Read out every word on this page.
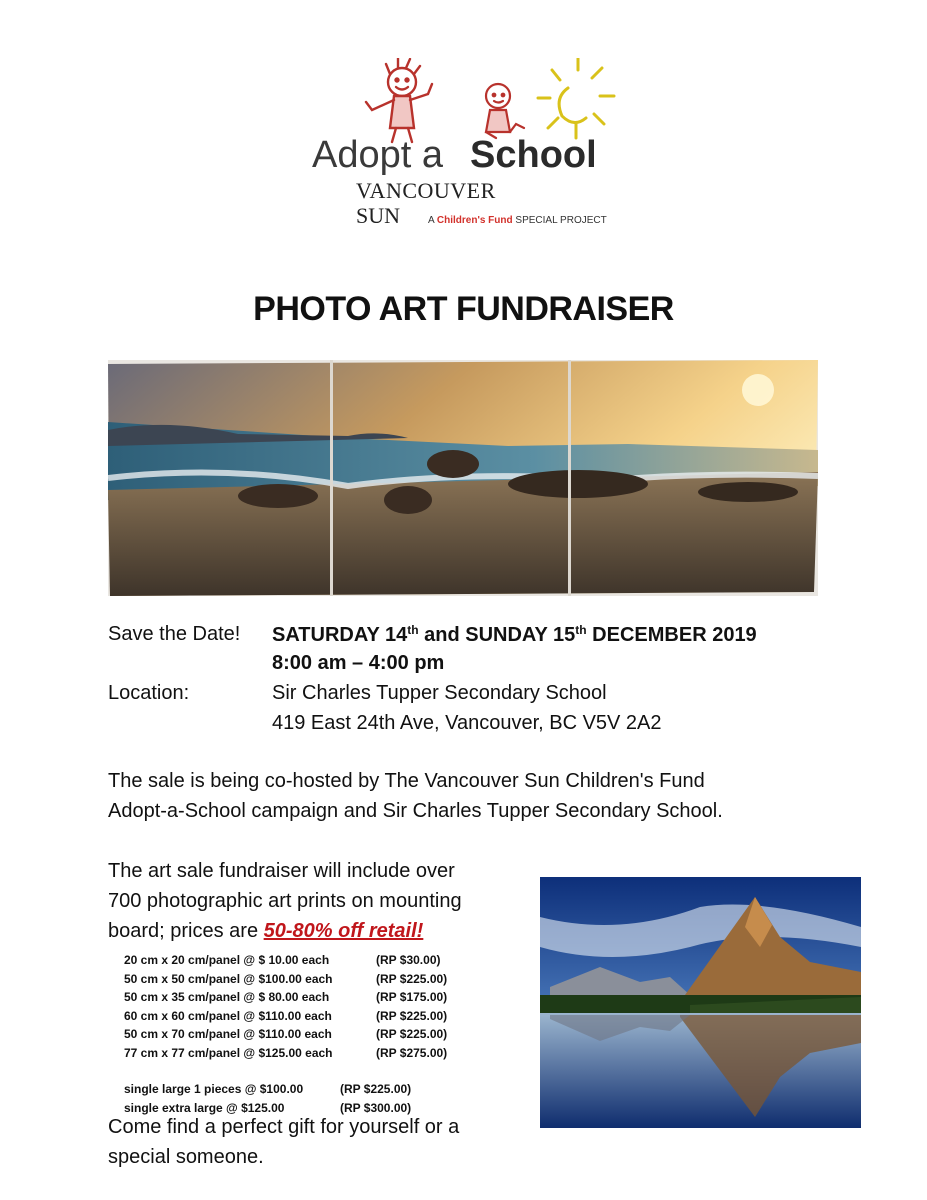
Adopt a School
VANCOUVER
SUN	A Children's Fund SPECIAL PROJECT
PHOTO ART FUNDRAISER
Save the Date! SATURDAY 14th and SUNDAY 15th DECEMBER 2019
8:00 am – 4:00 pm
Location:	Sir Charles Tupper Secondary School
419 East 24th Ave, Vancouver, BC V5V 2A2
The sale is being co-hosted by The Vancouver Sun Children's Fund
Adopt-a-School campaign and Sir Charles Tupper Secondary School.
The art sale fundraiser will include over
700 photographic art prints on mounting
board; prices are 50-80% off retail!
20 cm x 20 cm/panel @ $ 10.00 each	(RP $30.00)
50 cm x 50 cm/panel @ $100.00 each	(RP $225.00)
50 cm x 35 cm/panel @ $ 80.00 each	(RP $175.00)
60 cm x 60 cm/panel @ $110.00 each	(RP $225.00)
50 cm x 70 cm/panel @ $110.00 each	(RP $225.00)
77 cm x 77 cm/panel @ $125.00 each	(RP $275.00)
single large 1 pieces @ $100.00	(RP $225.00)
single extra large @ $125.00	(RP $300.00)
Come find a perfect gift for yourself or a
special someone.
